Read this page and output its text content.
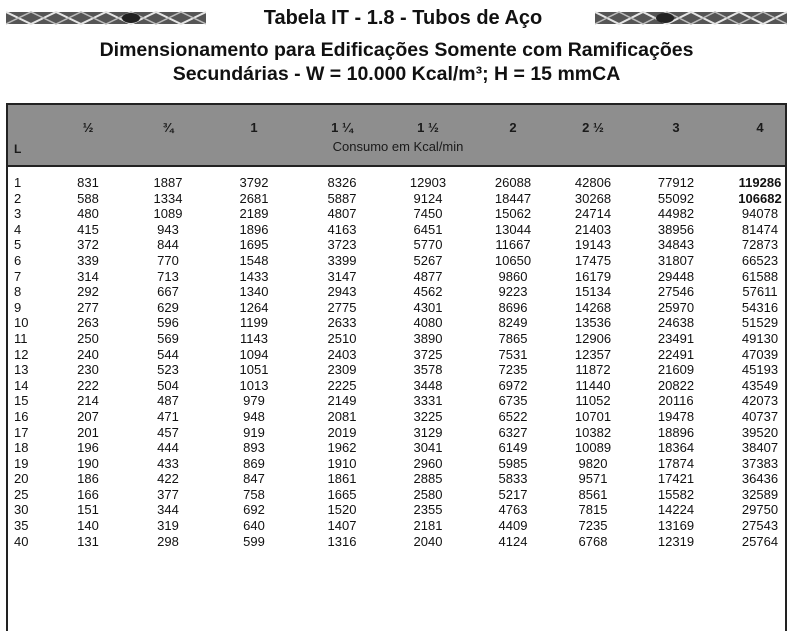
Tabela IT - 1.8 - Tubos de Aço
Dimensionamento para Edificações Somente com Ramificações
Secundárias - W = 10.000 Kcal/m³; H = 15 mmCA
L	Consumo em Kcal/min
½	¾	1	1 ¼	1 ½	2	2 ½	3	4
1	831	1887	3792	8326	12903	26088	42806	77912	119286
2	588	1334	2681	5887	9124	18447	30268	55092	106682
3	480	1089	2189	4807	7450	15062	24714	44982	94078
4	415	943	1896	4163	6451	13044	21403	38956	81474
5	372	844	1695	3723	5770	11667	19143	34843	72873
6	339	770	1548	3399	5267	10650	17475	31807	66523
7	314	713	1433	3147	4877	9860	16179	29448	61588
8	292	667	1340	2943	4562	9223	15134	27546	57611
9	277	629	1264	2775	4301	8696	14268	25970	54316
10	263	596	1199	2633	4080	8249	13536	24638	51529
11	250	569	1143	2510	3890	7865	12906	23491	49130
12	240	544	1094	2403	3725	7531	12357	22491	47039
13	230	523	1051	2309	3578	7235	11872	21609	45193
14	222	504	1013	2225	3448	6972	11440	20822	43549
15	214	487	979	2149	3331	6735	11052	20116	42073
16	207	471	948	2081	3225	6522	10701	19478	40737
17	201	457	919	2019	3129	6327	10382	18896	39520
18	196	444	893	1962	3041	6149	10089	18364	38407
19	190	433	869	1910	2960	5985	9820	17874	37383
20	186	422	847	1861	2885	5833	9571	17421	36436
25	166	377	758	1665	2580	5217	8561	15582	32589
30	151	344	692	1520	2355	4763	7815	14224	29750
35	140	319	640	1407	2181	4409	7235	13169	27543
40	131	298	599	1316	2040	4124	6768	12319	25764
